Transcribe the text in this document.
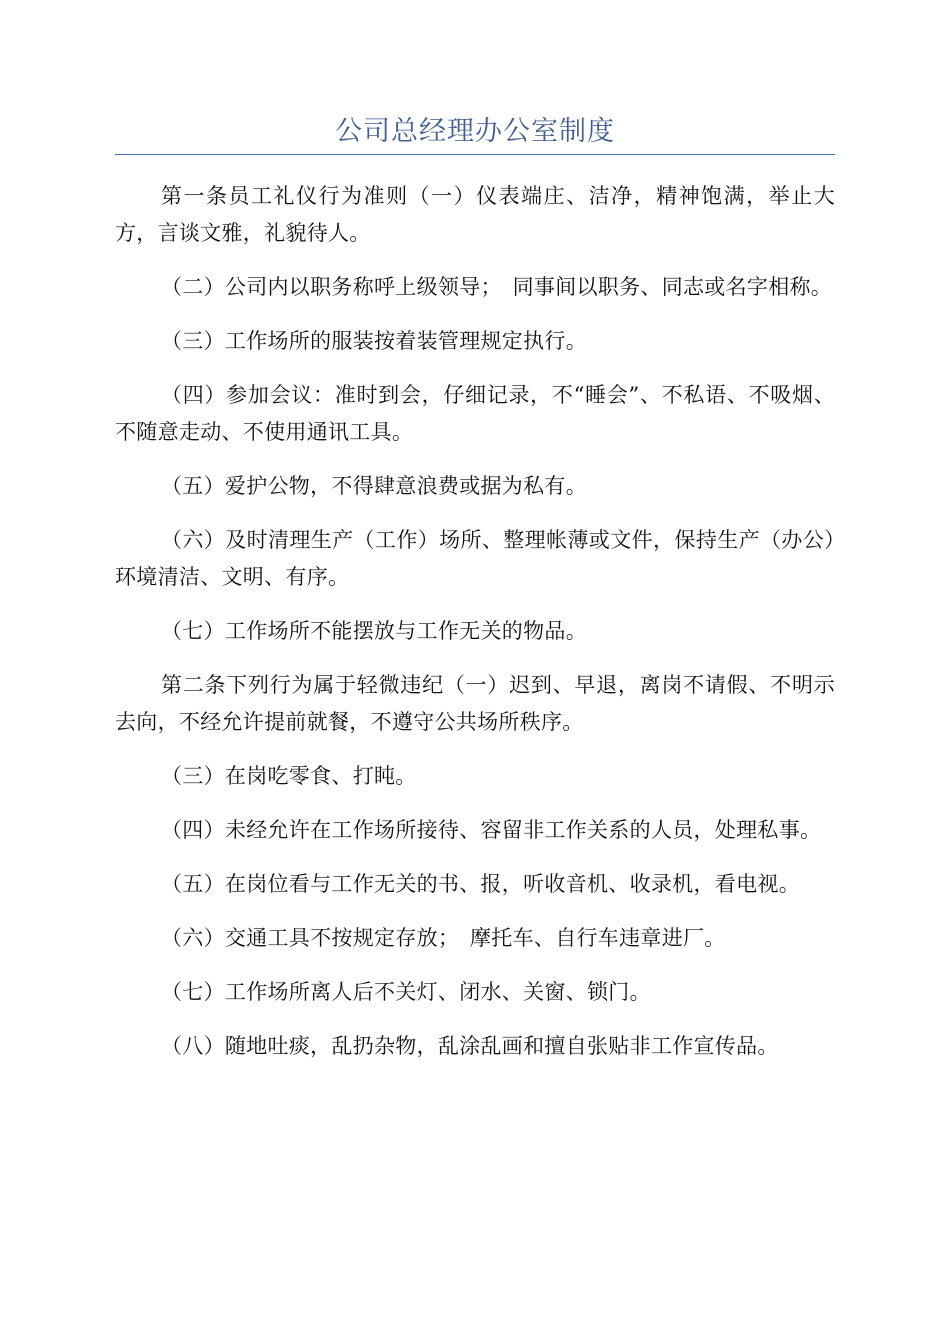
公司总经理办公室制度

第一条员工礼仪行为准则（一）仪表端庄、洁净，精神饱满，举止大方，言谈文雅，礼貌待人。

（二）公司内以职务称呼上级领导；　同事间以职务、同志或名字相称。

（三）工作场所的服装按着装管理规定执行。

（四）参加会议：准时到会，仔细记录，不“睡会”、不私语、不吸烟、不随意走动、不使用通讯工具。

（五）爱护公物，不得肆意浪费或据为私有。

（六）及时清理生产（工作）场所、整理帐薄或文件，保持生产（办公）环境清洁、文明、有序。

（七）工作场所不能摆放与工作无关的物品。

第二条下列行为属于轻微违纪（一）迟到、早退，离岗不请假、不明示去向，不经允许提前就餐，不遵守公共场所秩序。

（三）在岗吃零食、打盹。

（四）未经允许在工作场所接待、容留非工作关系的人员，处理私事。

（五）在岗位看与工作无关的书、报，听收音机、收录机，看电视。

（六）交通工具不按规定存放；　摩托车、自行车违章进厂。

（七）工作场所离人后不关灯、闭水、关窗、锁门。

（八）随地吐痰，乱扔杂物，乱涂乱画和擅自张贴非工作宣传品。
